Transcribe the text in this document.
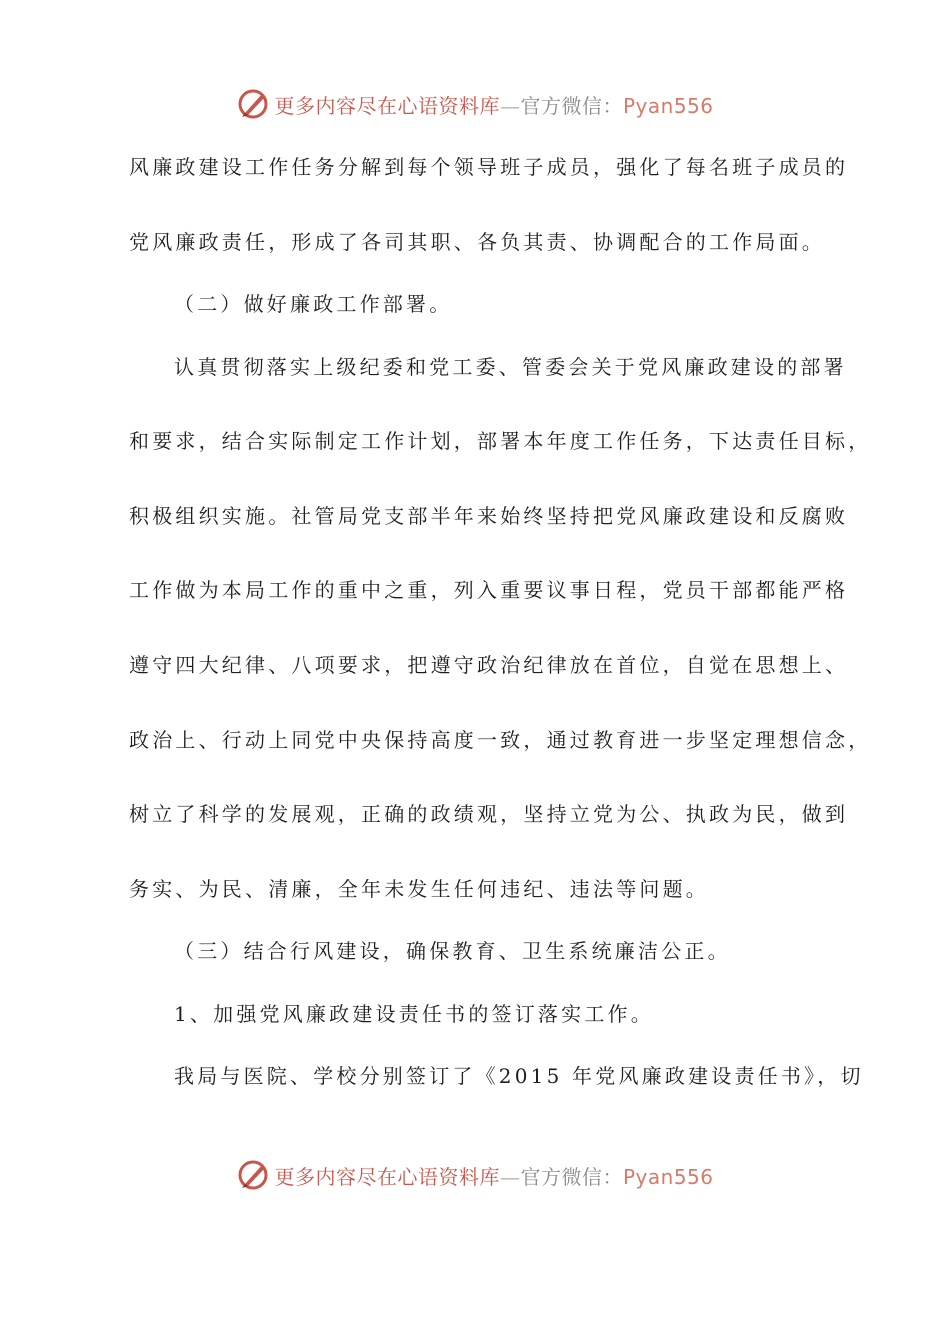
更多内容尽在心语资料库—官方微信：Pyan556
风廉政建设工作任务分解到每个领导班子成员，强化了每名班子成员的
党风廉政责任，形成了各司其职、各负其责、协调配合的工作局面。
（二）做好廉政工作部署。
认真贯彻落实上级纪委和党工委、管委会关于党风廉政建设的部署
和要求，结合实际制定工作计划，部署本年度工作任务，下达责任目标，
积极组织实施。社管局党支部半年来始终坚持把党风廉政建设和反腐败
工作做为本局工作的重中之重，列入重要议事日程，党员干部都能严格
遵守四大纪律、八项要求，把遵守政治纪律放在首位，自觉在思想上、
政治上、行动上同党中央保持高度一致，通过教育进一步坚定理想信念，
树立了科学的发展观，正确的政绩观，坚持立党为公、执政为民，做到
务实、为民、清廉，全年未发生任何违纪、违法等问题。
（三）结合行风建设，确保教育、卫生系统廉洁公正。
1、加强党风廉政建设责任书的签订落实工作。
我局与医院、学校分别签订了《2015 年党风廉政建设责任书》，切
更多内容尽在心语资料库—官方微信：Pyan556
